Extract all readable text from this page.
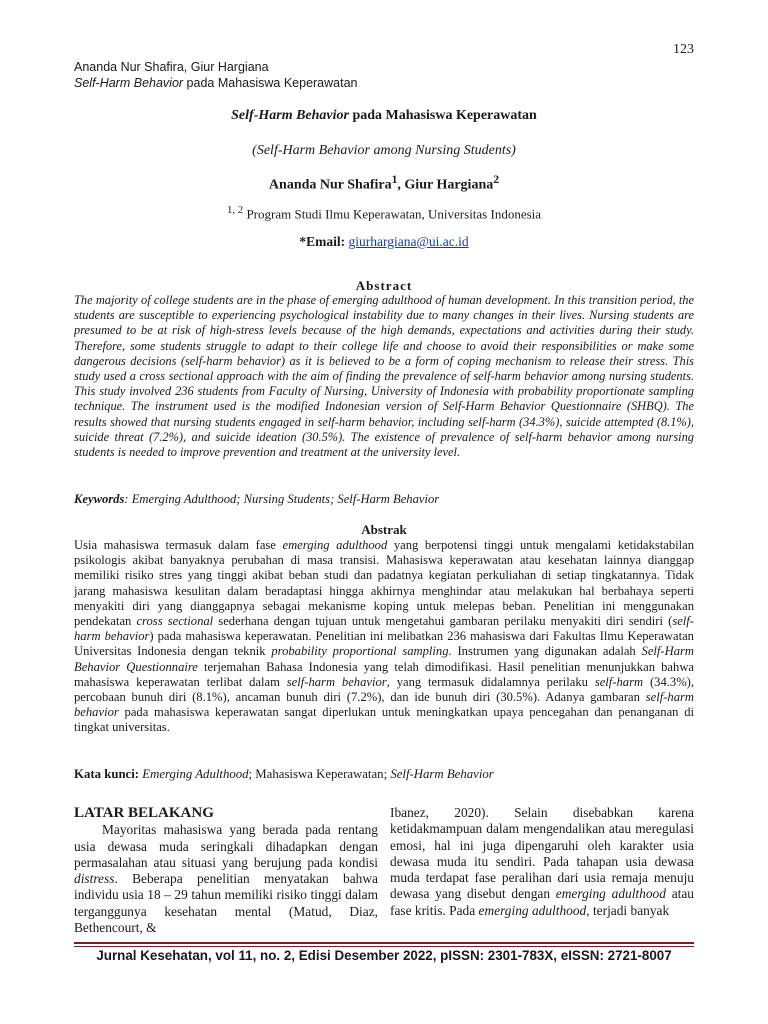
123
Ananda Nur Shafira, Giur Hargiana
Self-Harm Behavior pada Mahasiswa Keperawatan
Self-Harm Behavior pada Mahasiswa Keperawatan
(Self-Harm Behavior among Nursing Students)
Ananda Nur Shafira$^1$, Giur Hargiana$^2$
$^{1, 2}$ Program Studi Ilmu Keperawatan, Universitas Indonesia
*Email: giurhargiana@ui.ac.id
Abstract
The majority of college students are in the phase of emerging adulthood of human development. In this transition period, the students are susceptible to experiencing psychological instability due to many changes in their lives. Nursing students are presumed to be at risk of high-stress levels because of the high demands, expectations and activities during their study. Therefore, some students struggle to adapt to their college life and choose to avoid their responsibilities or make some dangerous decisions (self-harm behavior) as it is believed to be a form of coping mechanism to release their stress. This study used a cross sectional approach with the aim of finding the prevalence of self-harm behavior among nursing students. This study involved 236 students from Faculty of Nursing, University of Indonesia with probability proportionate sampling technique. The instrument used is the modified Indonesian version of Self-Harm Behavior Questionnaire (SHBQ). The results showed that nursing students engaged in self-harm behavior, including self-harm (34.3%), suicide attempted (8.1%), suicide threat (7.2%), and suicide ideation (30.5%). The existence of prevalence of self-harm behavior among nursing students is needed to improve prevention and treatment at the university level.
Keywords: Emerging Adulthood; Nursing Students; Self-Harm Behavior
Abstrak
Usia mahasiswa termasuk dalam fase emerging adulthood yang berpotensi tinggi untuk mengalami ketidakstabilan psikologis akibat banyaknya perubahan di masa transisi. Mahasiswa keperawatan atau kesehatan lainnya dianggap memiliki risiko stres yang tinggi akibat beban studi dan padatnya kegiatan perkuliahan di setiap tingkatannya. Tidak jarang mahasiswa kesulitan dalam beradaptasi hingga akhirnya menghindar atau melakukan hal berbahaya seperti menyakiti diri yang dianggapnya sebagai mekanisme koping untuk melepas beban. Penelitian ini menggunakan pendekatan cross sectional sederhana dengan tujuan untuk mengetahui gambaran perilaku menyakiti diri sendiri (self-harm behavior) pada mahasiswa keperawatan. Penelitian ini melibatkan 236 mahasiswa dari Fakultas Ilmu Keperawatan Universitas Indonesia dengan teknik probability proportional sampling. Instrumen yang digunakan adalah Self-Harm Behavior Questionnaire terjemahan Bahasa Indonesia yang telah dimodifikasi. Hasil penelitian menunjukkan bahwa mahasiswa keperawatan terlibat dalam self-harm behavior, yang termasuk didalamnya perilaku self-harm (34.3%), percobaan bunuh diri (8.1%), ancaman bunuh diri (7.2%), dan ide bunuh diri (30.5%). Adanya gambaran self-harm behavior pada mahasiswa keperawatan sangat diperlukan untuk meningkatkan upaya pencegahan dan penanganan di tingkat universitas.
Kata kunci: Emerging Adulthood; Mahasiswa Keperawatan; Self-Harm Behavior
LATAR BELAKANG
Mayoritas mahasiswa yang berada pada rentang usia dewasa muda seringkali dihadapkan dengan permasalahan atau situasi yang berujung pada kondisi distress. Beberapa penelitian menyatakan bahwa individu usia 18 – 29 tahun memiliki risiko tinggi dalam terganggunya kesehatan mental (Matud, Diaz, Bethencourt, &
Ibanez, 2020). Selain disebabkan karena ketidakmampuan dalam mengendalikan atau meregulasi emosi, hal ini juga dipengaruhi oleh karakter usia dewasa muda itu sendiri. Pada tahapan usia dewasa muda terdapat fase peralihan dari usia remaja menuju dewasa yang disebut dengan emerging adulthood atau fase kritis. Pada emerging adulthood, terjadi banyak
Jurnal Kesehatan, vol 11, no. 2, Edisi Desember 2022, pISSN: 2301-783X, eISSN: 2721-8007
